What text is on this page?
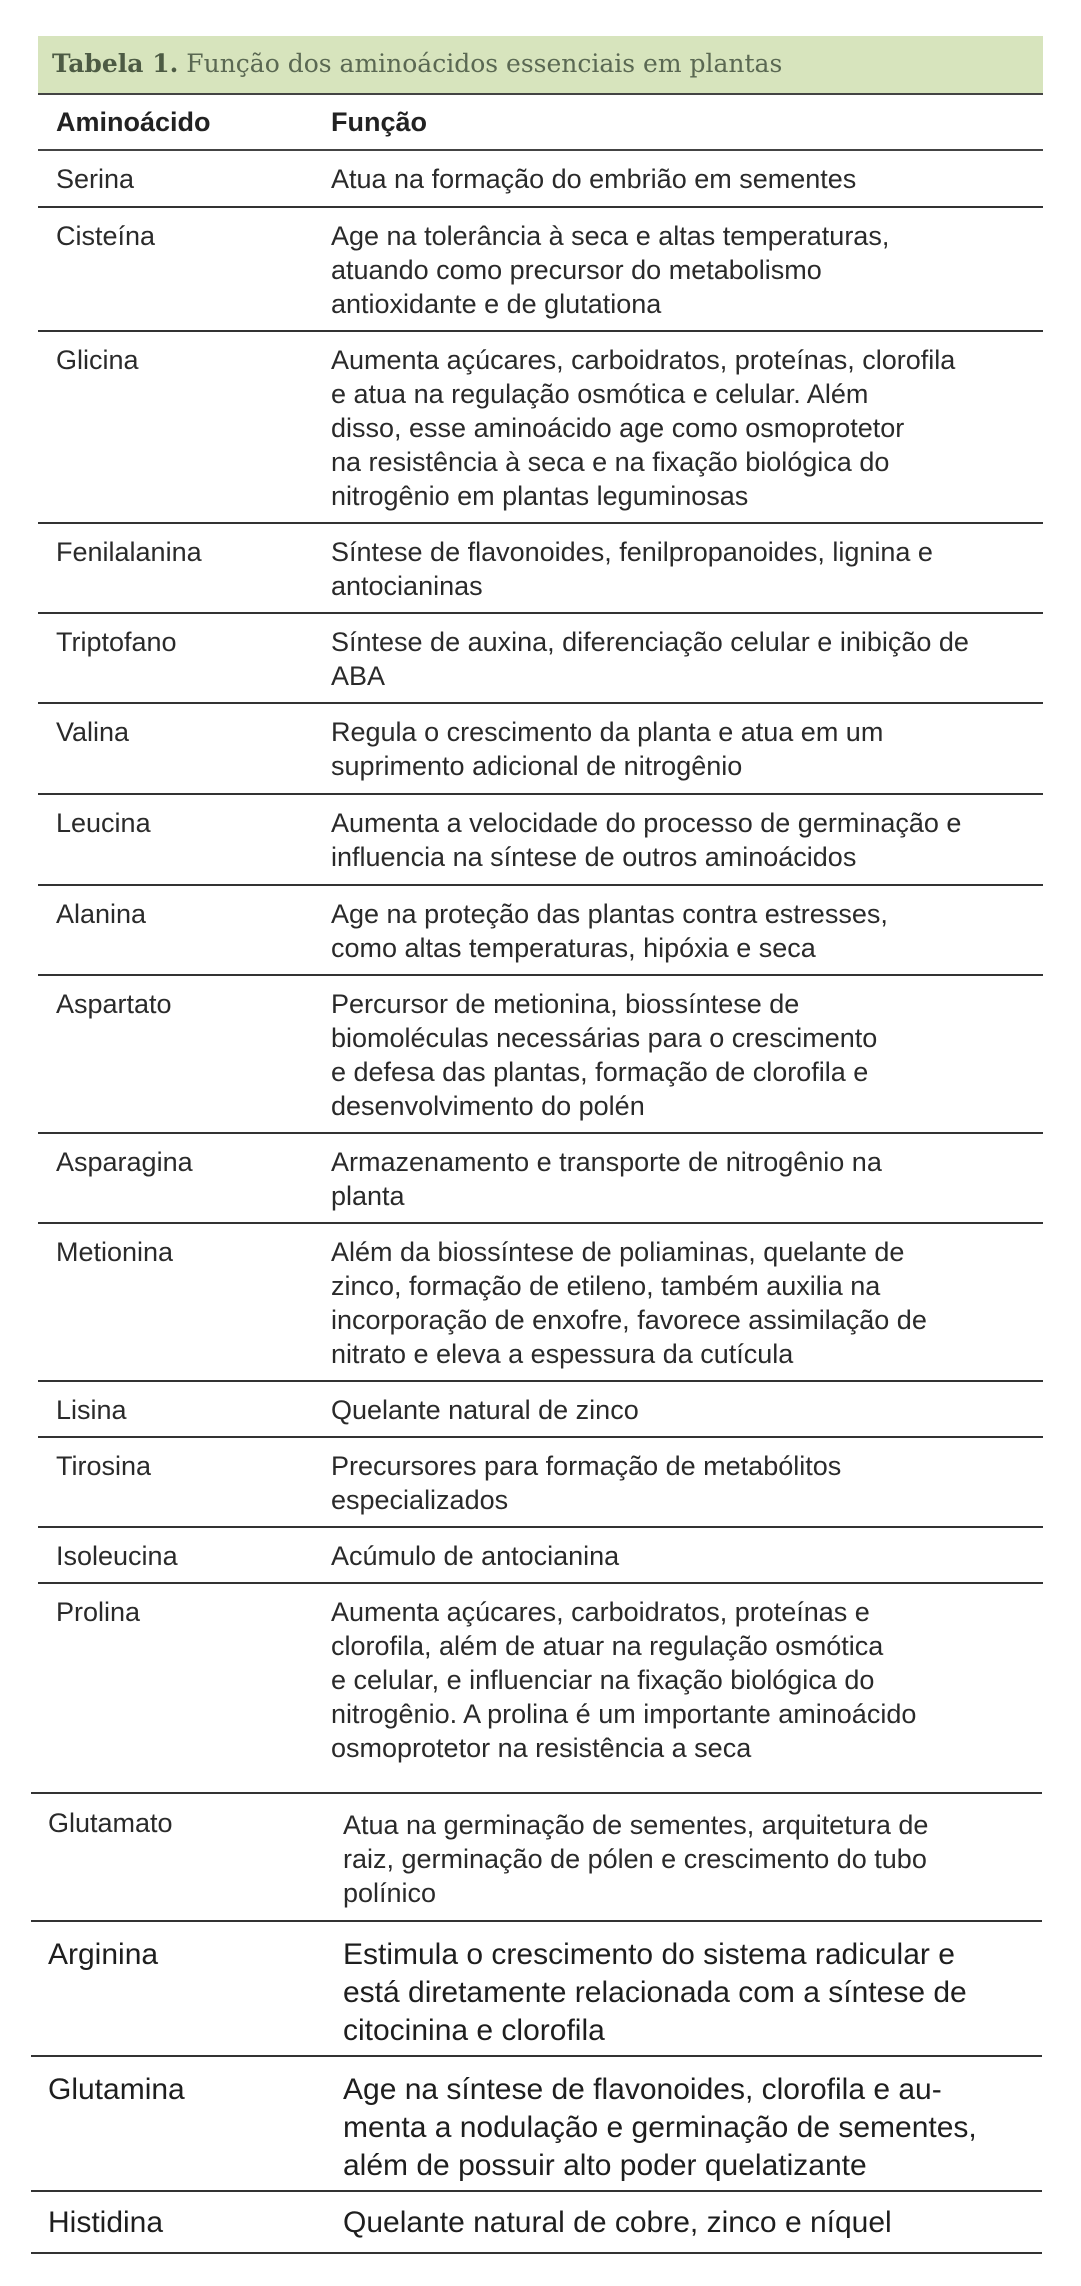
Tabela 1. Função dos aminoácidos essenciais em plantas
Aminoácido	Função
Serina	Atua na formação do embrião em sementes
Cisteína	Age na tolerância à seca e altas temperaturas,
atuando como precursor do metabolismo
antioxidante e de glutationa
Glicina	Aumenta açúcares, carboidratos, proteínas, clorofila
e atua na regulação osmótica e celular. Além
disso, esse aminoácido age como osmoprotetor
na resistência à seca e na fixação biológica do
nitrogênio em plantas leguminosas
Fenilalanina	Síntese de flavonoides, fenilpropanoides, lignina e
antocianinas
Triptofano	Síntese de auxina, diferenciação celular e inibição de
ABA
Valina	Regula o crescimento da planta e atua em um
suprimento adicional de nitrogênio
Leucina	Aumenta a velocidade do processo de germinação e
influencia na síntese de outros aminoácidos
Alanina	Age na proteção das plantas contra estresses,
como altas temperaturas, hipóxia e seca
Aspartato	Percursor de metionina, biossíntese de
biomoléculas necessárias para o crescimento
e defesa das plantas, formação de clorofila e
desenvolvimento do polén
Asparagina	Armazenamento e transporte de nitrogênio na
planta
Metionina	Além da biossíntese de poliaminas, quelante de
zinco, formação de etileno, também auxilia na
incorporação de enxofre, favorece assimilação de
nitrato e eleva a espessura da cutícula
Lisina	Quelante natural de zinco
Tirosina	Precursores para formação de metabólitos
especializados
Isoleucina	Acúmulo de antocianina
Prolina	Aumenta açúcares, carboidratos, proteínas e
clorofila, além de atuar na regulação osmótica
e celular, e influenciar na fixação biológica do
nitrogênio. A prolina é um importante aminoácido
osmoprotetor na resistência a seca
Glutamato	Atua na germinação de sementes, arquitetura de
raiz, germinação de pólen e crescimento do tubo
polínico
Arginina	Estimula o crescimento do sistema radicular e
está diretamente relacionada com a síntese de
citocinina e clorofila
Glutamina	Age na síntese de flavonoides, clorofila e au-
menta a nodulação e germinação de sementes,
além de possuir alto poder quelatizante
Histidina	Quelante natural de cobre, zinco e níquel
